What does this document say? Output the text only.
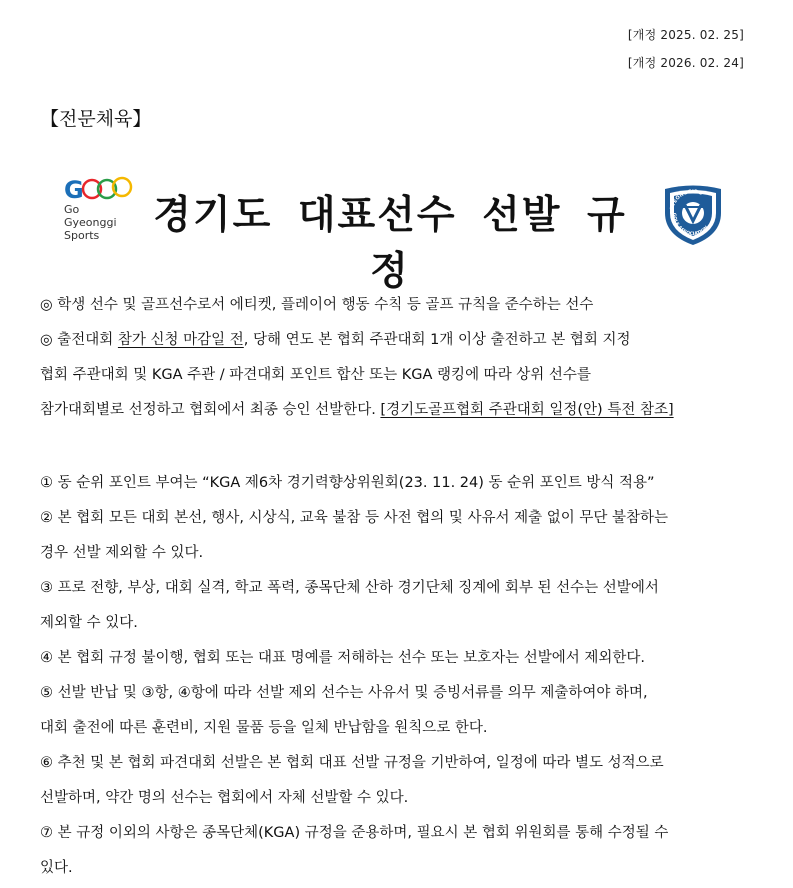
[개정 2025. 02. 25]
[개정 2026. 02. 24]
【전문체육】
G
Go
Gyeonggi
Sports	경기도 대표선수 선발 규정
GYEONGGIDO
GOLF ASSOCIATION
◎ 학생 선수 및 골프선수로서 에티켓, 플레이어 행동 수칙 등 골프 규칙을 준수하는 선수
◎ 출전대회 참가 신청 마감일 전, 당해 연도 본 협회 주관대회 1개 이상 출전하고 본 협회 지정
협회 주관대회 및 KGA 주관 / 파견대회 포인트 합산 또는 KGA 랭킹에 따라 상위 선수를
참가대회별로 선정하고 협회에서 최종 승인 선발한다. [경기도골프협회 주관대회 일정(안) 특전 참조]
① 동 순위 포인트 부여는 “KGA 제6차 경기력향상위원회(23. 11. 24) 동 순위 포인트 방식 적용”
② 본 협회 모든 대회 본선, 행사, 시상식, 교육 불참 등 사전 협의 및 사유서 제출 없이 무단 불참하는
경우 선발 제외할 수 있다.
③ 프로 전향, 부상, 대회 실격, 학교 폭력, 종목단체 산하 경기단체 징계에 회부 된 선수는 선발에서
제외할 수 있다.
④ 본 협회 규정 불이행, 협회 또는 대표 명예를 저해하는 선수 또는 보호자는 선발에서 제외한다.
⑤ 선발 반납 및 ③항, ④항에 따라 선발 제외 선수는 사유서 및 증빙서류를 의무 제출하여야 하며,
대회 출전에 따른 훈련비, 지원 물품 등을 일체 반납함을 원칙으로 한다.
⑥ 추천 및 본 협회 파견대회 선발은 본 협회 대표 선발 규정을 기반하여, 일정에 따라 별도 성적으로
선발하며, 약간 명의 선수는 협회에서 자체 선발할 수 있다.
⑦ 본 규정 이외의 사항은 종목단체(KGA) 규정을 준용하며, 필요시 본 협회 위원회를 통해 수정될 수
있다.
